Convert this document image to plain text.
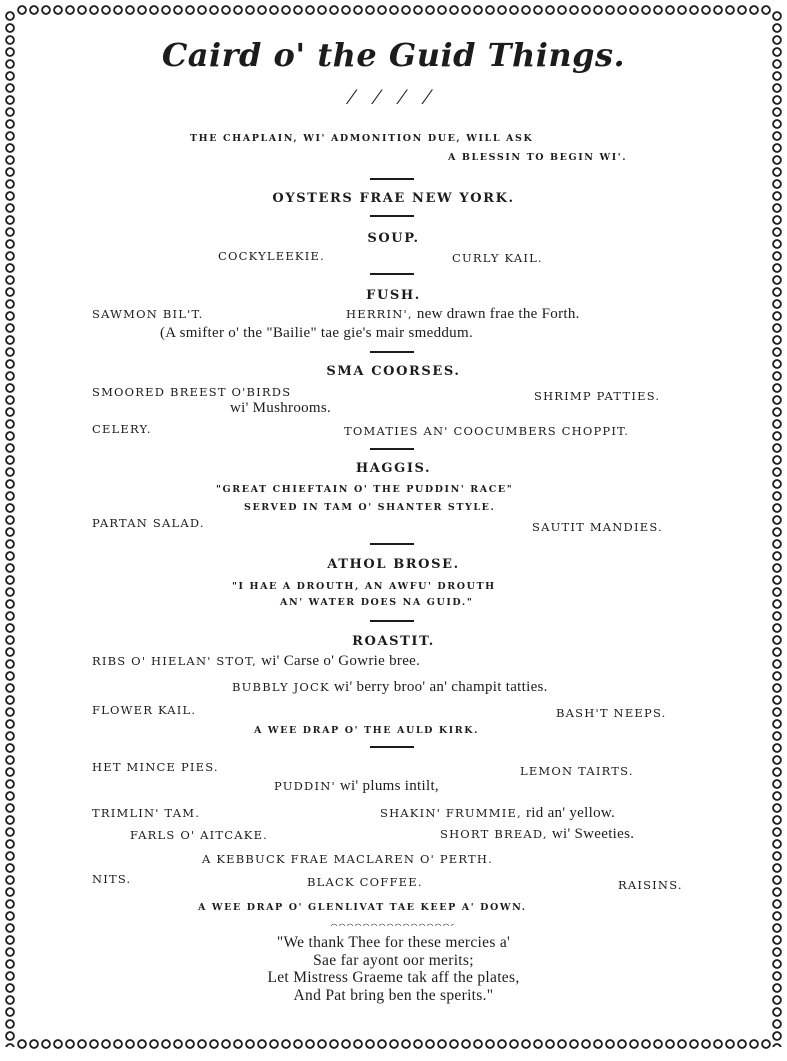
Caird o' the Guid Things.
⁄ ⁄ ⁄ ⁄
THE CHAPLAIN, WI' ADMONITION DUE, WILL ASK
A BLESSIN TO BEGIN WI'.
OYSTERS FRAE NEW YORK.
SOUP.
COCKYLEEKIE.	CURLY KAIL.
FUSH.
SAWMON BIL'T.	HERRIN', new drawn frae the Forth.
(A smifter o' the "Bailie" tae gie's mair smeddum.
SMA COORSES.
SMOORED BREEST O'BIRDS	SHRIMP PATTIES.
wi' Mushrooms.
CELERY.	TOMATIES AN' COOCUMBERS CHOPPIT.
HAGGIS.
"GREAT CHIEFTAIN O' THE PUDDIN' RACE"
SERVED IN TAM O' SHANTER STYLE.
PARTAN SALAD.	SAUTIT MANDIES.
ATHOL BROSE.
"I HAE A DROUTH, AN AWFU' DROUTH
AN' WATER DOES NA GUID."
ROASTIT.
RIBS O' HIELAN' STOT, wi' Carse o' Gowrie bree.
BUBBLY JOCK wi' berry broo' an' champit tatties.
FLOWER KAIL.	BASH'T NEEPS.
A WEE DRAP O' THE AULD KIRK.
HET MINCE PIES.	LEMON TAIRTS.
PUDDIN' wi' plums intilt,
TRIMLIN' TAM.	SHAKIN' FRUMMIE, rid an' yellow.
FARLS O' AITCAKE.	SHORT BREAD, wi' Sweeties.
A KEBBUCK FRAE MACLAREN O' PERTH.
NITS.	BLACK COFFEE.	RAISINS.
A WEE DRAP O' GLENLIVAT TAE KEEP A' DOWN.
"We thank Thee for these mercies a'
Sae far ayont oor merits;
Let Mistress Graeme tak aff the plates,
And Pat bring ben the sperits."
